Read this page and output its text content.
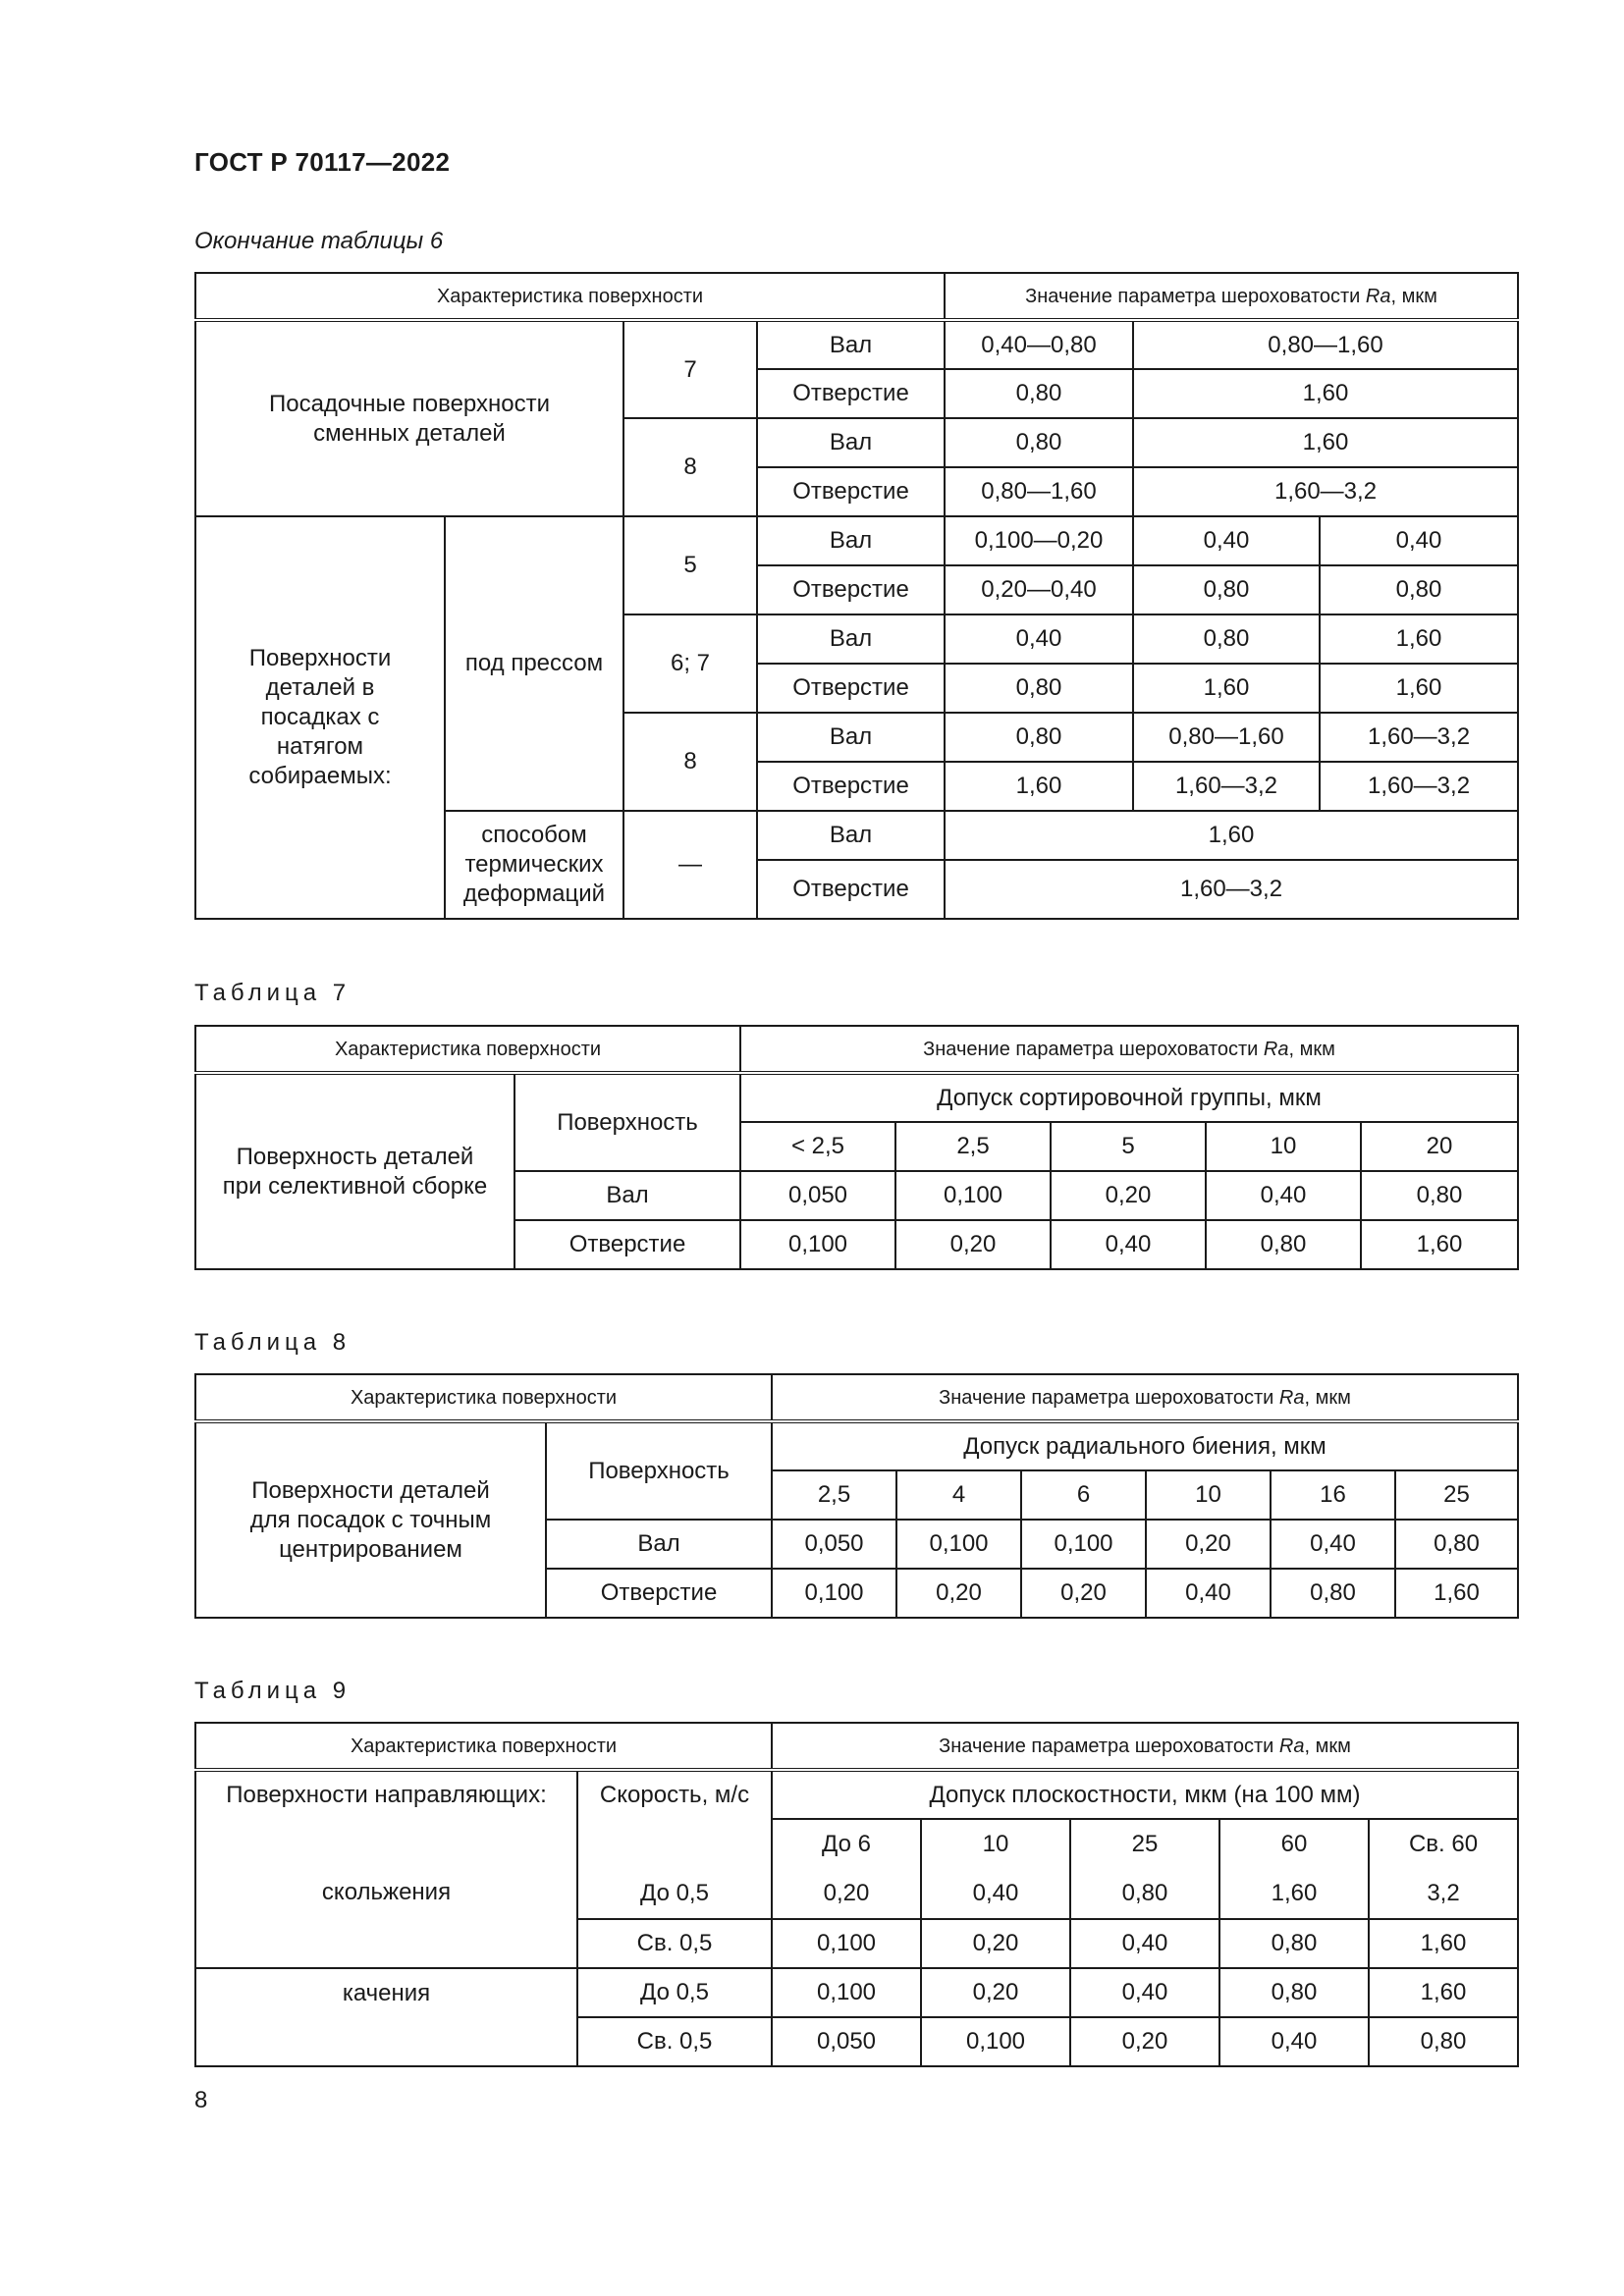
ГОСТ Р 70117—2022
Окончание таблицы 6
Характеристика поверхности				Значение параметра шероховатости Ra, мкм		
Посадочные поверхности сменных деталей		7	Вал	0,40—0,80	0,80—1,60	
			Отверстие	0,80	1,60	
		8	Вал	0,80	1,60	
			Отверстие	0,80—1,60	1,60—3,2	
Поверхности деталей в посадках с натягом собираемых:	под прессом	5	Вал	0,100—0,20	0,40	0,40
			Отверстие	0,20—0,40	0,80	0,80
		6; 7	Вал	0,40	0,80	1,60
			Отверстие	0,80	1,60	1,60
		8	Вал	0,80	0,80—1,60	1,60—3,2
			Отверстие	1,60	1,60—3,2	1,60—3,2
	способом термических деформаций	—	Вал	1,60		
			Отверстие	1,60—3,2		
Таблица 7
Характеристика поверхности		Значение параметра шероховатости Ra, мкм				
Поверхность деталей при селективной сборке	Поверхность	Допуск сортировочной группы, мкм				
		< 2,5	2,5	5	10	20
	Вал	0,050	0,100	0,20	0,40	0,80
	Отверстие	0,100	0,20	0,40	0,80	1,60
Таблица 8
Характеристика поверхности		Значение параметра шероховатости Ra, мкм					
Поверхности деталей для посадок с точным центрированием	Поверхность	Допуск радиального биения, мкм					
		2,5	4	6	10	16	25
	Вал	0,050	0,100	0,100	0,20	0,40	0,80
	Отверстие	0,100	0,20	0,20	0,40	0,80	1,60
Таблица 9
Характеристика поверхности		Значение параметра шероховатости Ra, мкм				
Поверхности направляющих:	Скорость, м/с	Допуск плоскостности, мкм (на 100 мм)				
		До 6	10	25	60	Св. 60
скольжения	До 0,5	0,20	0,40	0,80	1,60	3,2
	Св. 0,5	0,100	0,20	0,40	0,80	1,60
качения	До 0,5	0,100	0,20	0,40	0,80	1,60
	Св. 0,5	0,050	0,100	0,20	0,40	0,80
8
